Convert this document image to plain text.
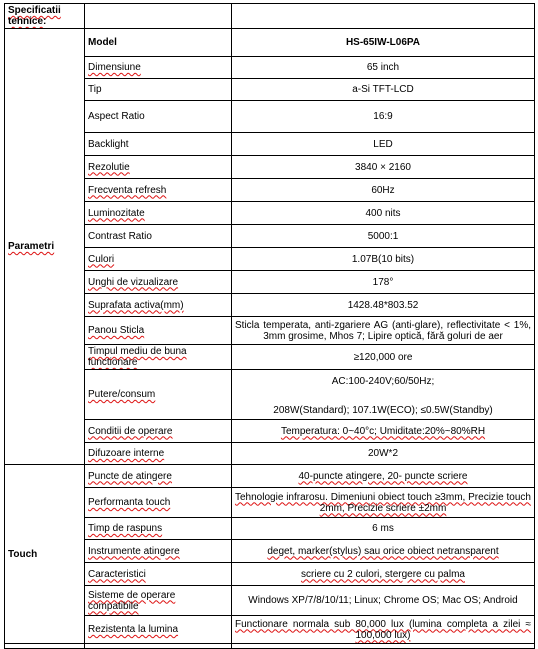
Specificatii tehnice:		
Parametri	Model	HS-65IW-L06PA
	Dimensiune	65 inch
	Tip	a-Si TFT-LCD
	Aspect Ratio	16:9
	Backlight	LED
	Rezolutie	3840 × 2160
	Frecventa refresh	60Hz
	Luminozitate	400 nits
	Contrast Ratio	5000:1
	Culori	1.07B(10 bits)
	Unghi de vizualizare	178°
	Suprafata activa(mm)	1428.48*803.52
	Panou Sticla	Sticla temperata, anti-zgariere AG (anti-glare), reflectivitate < 1%, 3mm grosime, Mhos 7; Lipire optică, fără goluri de aer
	Timpul mediu de buna functionare	≥120,000 ore
	Putere/consum	AC:100-240V;60/50Hz;
208W(Standard); 107.1W(ECO); ≤0.5W(Standby)

	Conditii de operare	Temperatura: 0~40°c; Umiditate:20%~80%RH
	Difuzoare interne	20W*2
Touch	Puncte de atingere	40-puncte atingere, 20- puncte scriere
	Performanta touch	Tehnologie infrarosu. Dimeniuni obiect touch ≥3mm, Precizie touch 2mm, Precizie scriere ±2mm
	Timp de raspuns	6 ms
	Instrumente atingere	deget, marker(stylus) sau orice obiect netransparent
	Caracteristici	scriere cu 2 culori, stergere cu palma
	Sisteme de operare compatibile	Windows XP/7/8/10/11; Linux; Chrome OS; Mac OS; Android
	Rezistenta la lumina	Functionare normala sub 80,000 lux (lumina completa a zilei ≈ 100,000 lux)
